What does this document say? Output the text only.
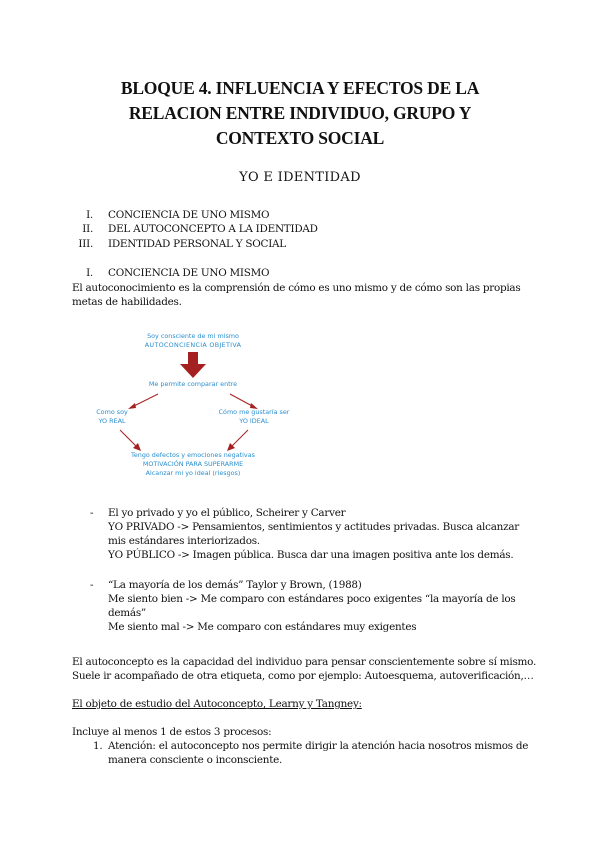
BLOQUE 4. INFLUENCIA Y EFECTOS DE LA
RELACION ENTRE INDIVIDUO, GRUPO Y
CONTEXTO SOCIAL
YO E IDENTIDAD
I. CONCIENCIA DE UNO MISMO
II. DEL AUTOCONCEPTO A LA IDENTIDAD
III. IDENTIDAD PERSONAL Y SOCIAL
I. CONCIENCIA DE UNO MISMO
El autoconocimiento es la comprensión de cómo es uno mismo y de cómo son las propias
metas de habilidades.
Soy consciente de mi mismo
AUTOCONCIENCIA OBJETIVA
Me permite comparar entre
Como soy
YO REAL
Cómo me gustaría ser
YO IDEAL
Tengo defectos y emociones negativas
MOTIVACIÓN PARA SUPERARME
Alcanzar mi yo ideal (riesgos)
- El yo privado y yo el público, Scheirer y Carver
YO PRIVADO -> Pensamientos, sentimientos y actitudes privadas. Busca alcanzar
mis estándares interiorizados.
YO PÚBLICO -> Imagen pública. Busca dar una imagen positiva ante los demás.
- “La mayoría de los demás” Taylor y Brown, (1988)
Me siento bien -> Me comparo con estándares poco exigentes “la mayoría de los
demás”
Me siento mal -> Me comparo con estándares muy exigentes
El autoconcepto es la capacidad del individuo para pensar conscientemente sobre sí mismo.
Suele ir acompañado de otra etiqueta, como por ejemplo: Autoesquema, autoverificación,…
El objeto de estudio del Autoconcepto, Learny y Tangney:
Incluye al menos 1 de estos 3 procesos:
1. Atención: el autoconcepto nos permite dirigir la atención hacia nosotros mismos de
manera consciente o inconsciente.
